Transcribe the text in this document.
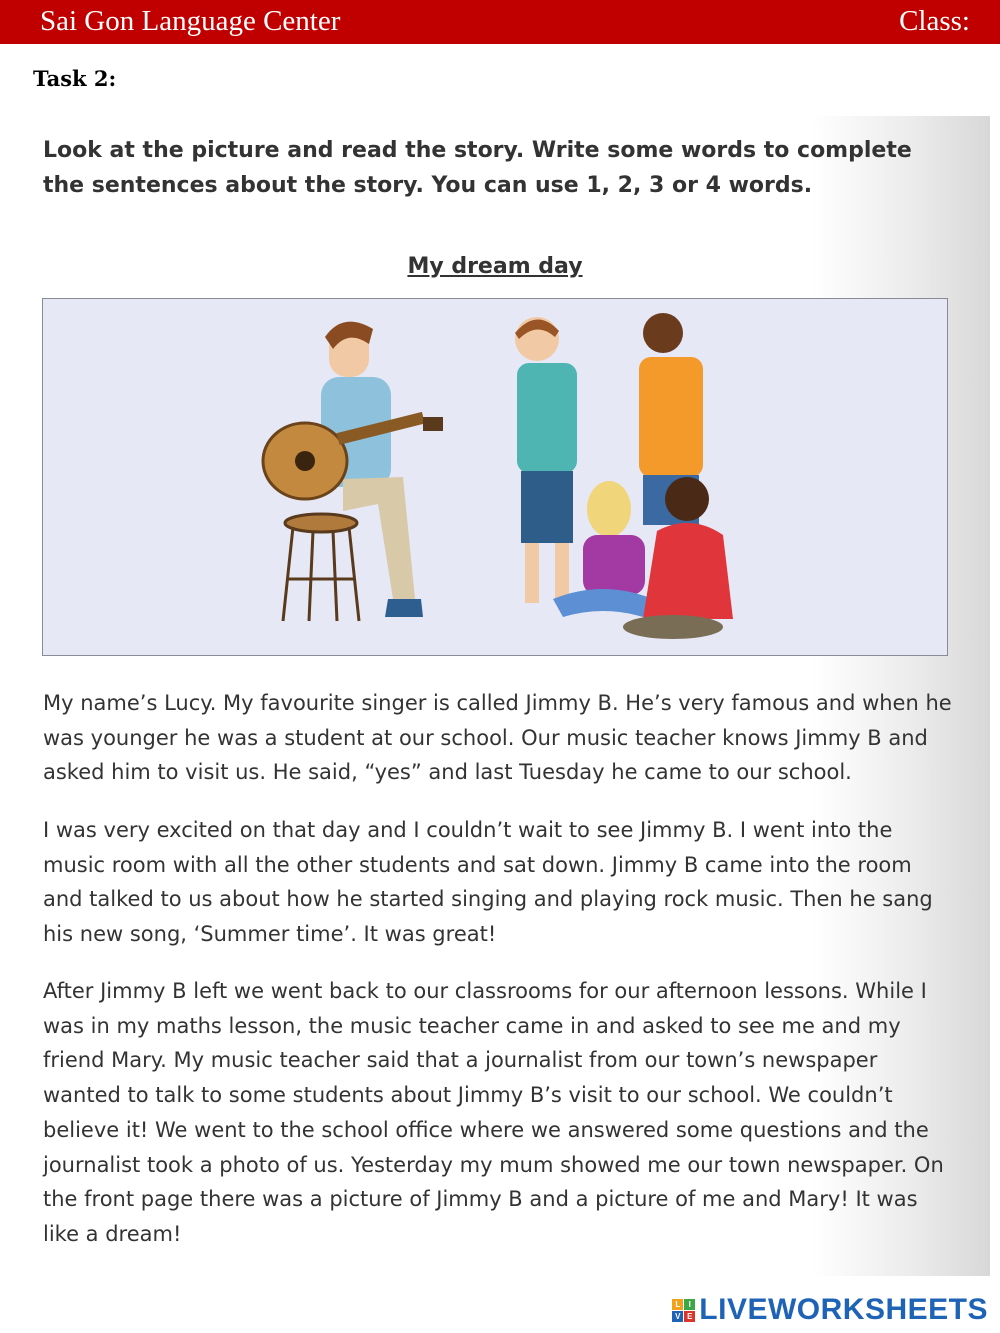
Sai Gon Language Center	Class:
Task 2:
Look at the picture and read the story. Write some words to complete the sentences about the story. You can use 1, 2, 3 or 4 words.
My dream day

My name’s Lucy. My favourite singer is called Jimmy B. He’s very famous and when he was younger he was a student at our school. Our music teacher knows Jimmy B and asked him to visit us. He said, “yes” and last Tuesday he came to our school.

I was very excited on that day and I couldn’t wait to see Jimmy B. I went into the music room with all the other students and sat down. Jimmy B came into the room and talked to us about how he started singing and playing rock music. Then he sang his new song, ‘Summer time’. It was great!

After Jimmy B left we went back to our classrooms for our afternoon lessons. While I was in my maths lesson, the music teacher came in and asked to see me and my friend Mary. My music teacher said that a journalist from our town’s newspaper wanted to talk to some students about Jimmy B’s visit to our school. We couldn’t believe it! We went to the school office where we answered some questions and the journalist took a photo of us. Yesterday my mum showed me our town newspaper. On the front page there was a picture of Jimmy B and a picture of me and Mary! It was like a dream!

L	I
V E LIVEWORKSHEETS
